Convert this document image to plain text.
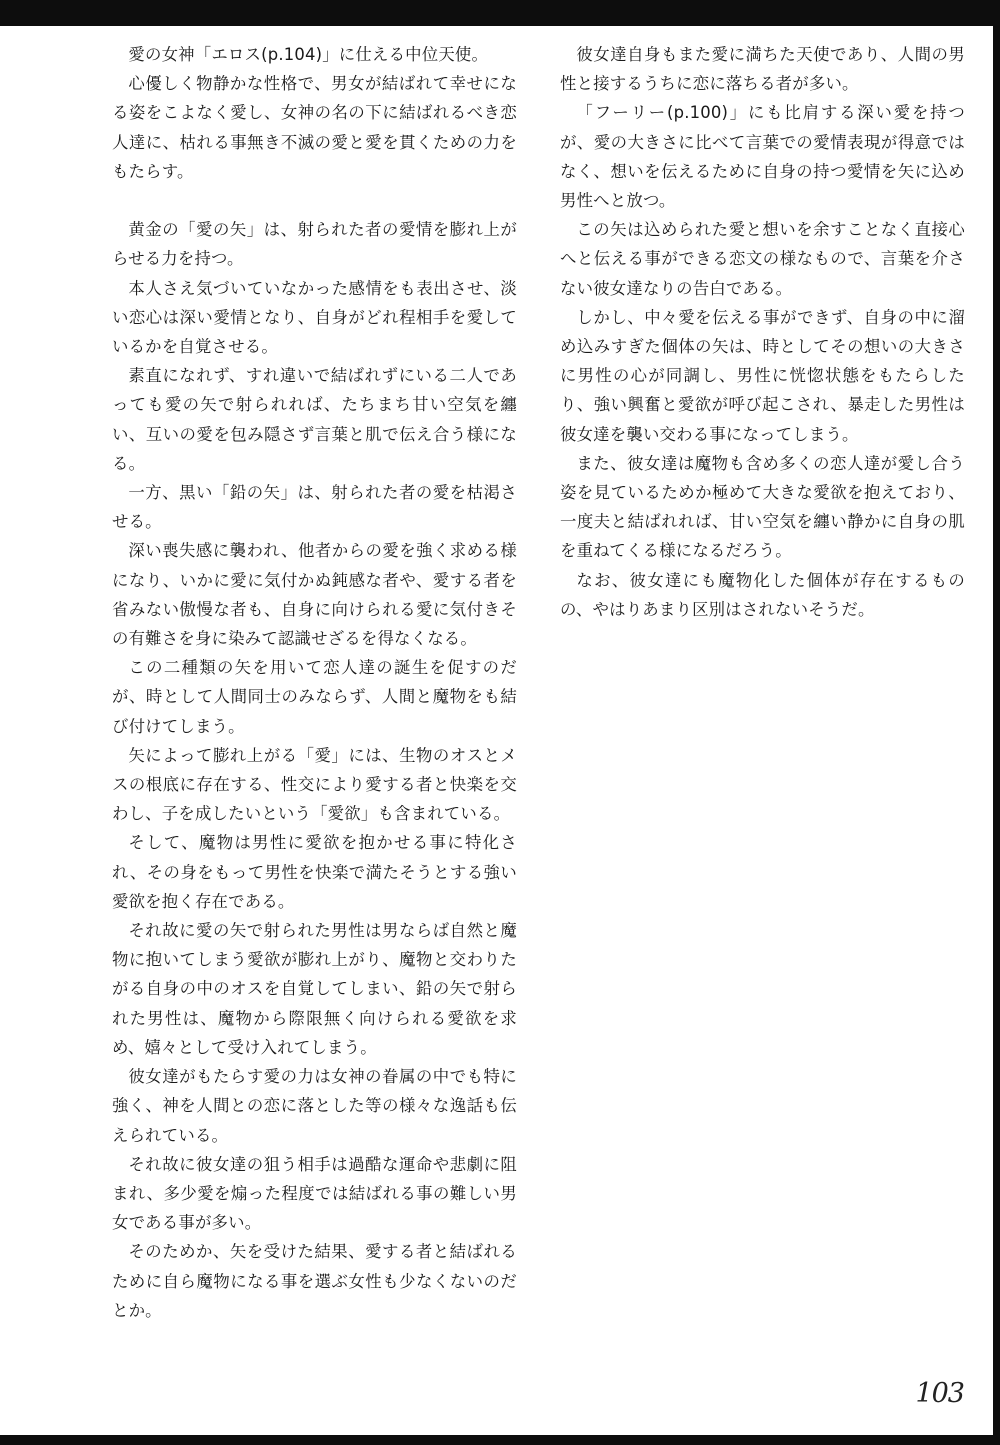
愛の女神「エロス(p.104)」に仕える中位天使。

心優しく物静かな性格で、男女が結ばれて幸せになる姿をこよなく愛し、女神の名の下に結ばれるべき恋人達に、枯れる事無き不滅の愛と愛を貫くための力をもたらす。

黄金の「愛の矢」は、射られた者の愛情を膨れ上がらせる力を持つ。

本人さえ気づいていなかった感情をも表出させ、淡い恋心は深い愛情となり、自身がどれ程相手を愛しているかを自覚させる。

素直になれず、すれ違いで結ばれずにいる二人であっても愛の矢で射られれば、たちまち甘い空気を纏い、互いの愛を包み隠さず言葉と肌で伝え合う様になる。

一方、黒い「鉛の矢」は、射られた者の愛を枯渇させる。

深い喪失感に襲われ、他者からの愛を強く求める様になり、いかに愛に気付かぬ鈍感な者や、愛する者を省みない傲慢な者も、自身に向けられる愛に気付きその有難さを身に染みて認識せざるを得なくなる。

この二種類の矢を用いて恋人達の誕生を促すのだが、時として人間同士のみならず、人間と魔物をも結び付けてしまう。

矢によって膨れ上がる「愛」には、生物のオスとメスの根底に存在する、性交により愛する者と快楽を交わし、子を成したいという「愛欲」も含まれている。

そして、魔物は男性に愛欲を抱かせる事に特化され、その身をもって男性を快楽で満たそうとする強い愛欲を抱く存在である。

それ故に愛の矢で射られた男性は男ならば自然と魔物に抱いてしまう愛欲が膨れ上がり、魔物と交わりたがる自身の中のオスを自覚してしまい、鉛の矢で射られた男性は、魔物から際限無く向けられる愛欲を求め、嬉々として受け入れてしまう。

彼女達がもたらす愛の力は女神の眷属の中でも特に強く、神を人間との恋に落とした等の様々な逸話も伝えられている。

それ故に彼女達の狙う相手は過酷な運命や悲劇に阻まれ、多少愛を煽った程度では結ばれる事の難しい男女である事が多い。

そのためか、矢を受けた結果、愛する者と結ばれるために自ら魔物になる事を選ぶ女性も少なくないのだとか。

彼女達自身もまた愛に満ちた天使であり、人間の男性と接するうちに恋に落ちる者が多い。

「フーリー(p.100)」にも比肩する深い愛を持つが、愛の大きさに比べて言葉での愛情表現が得意ではなく、想いを伝えるために自身の持つ愛情を矢に込め男性へと放つ。

この矢は込められた愛と想いを余すことなく直接心へと伝える事ができる恋文の様なもので、言葉を介さない彼女達なりの告白である。

しかし、中々愛を伝える事ができず、自身の中に溜め込みすぎた個体の矢は、時としてその想いの大きさに男性の心が同調し、男性に恍惚状態をもたらしたり、強い興奮と愛欲が呼び起こされ、暴走した男性は彼女達を襲い交わる事になってしまう。

また、彼女達は魔物も含め多くの恋人達が愛し合う姿を見ているためか極めて大きな愛欲を抱えており、一度夫と結ばれれば、甘い空気を纏い静かに自身の肌を重ねてくる様になるだろう。

なお、彼女達にも魔物化した個体が存在するものの、やはりあまり区別はされないそうだ。

103
